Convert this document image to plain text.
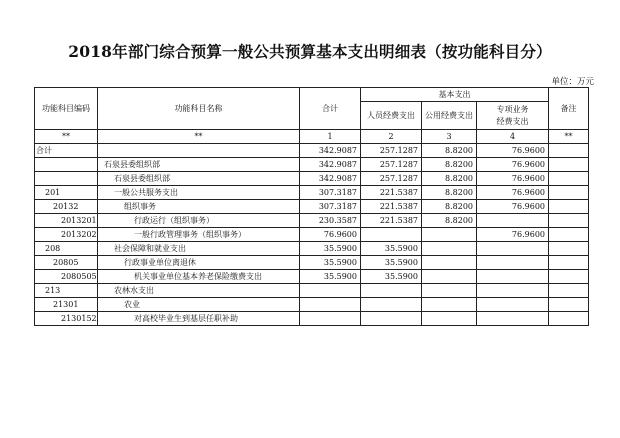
2018年部门综合预算一般公共预算基本支出明细表（按功能科目分）
单位：万元
功能科目编码	功能科目名称	合计	基本支出			备注
			人员经费支出	公用经费支出	专项业务
经费支出	

**	**	1	2	3	4	**
合计		342.9087	257.1287	8.8200	76.9600	
	石泉县委组织部	342.9087	257.1287	8.8200	76.9600	
	石泉县委组织部	342.9087	257.1287	8.8200	76.9600	
201	一般公共服务支出	307.3187	221.5387	8.8200	76.9600	
20132	组织事务	307.3187	221.5387	8.8200	76.9600	
2013201	行政运行（组织事务）	230.3587	221.5387	8.8200		
2013202	一般行政管理事务（组织事务）	76.9600			76.9600	
208	社会保障和就业支出	35.5900	35.5900			
20805	行政事业单位离退休	35.5900	35.5900			
2080505	机关事业单位基本养老保险缴费支出	35.5900	35.5900			
213	农林水支出					
21301	农业					
2130152	对高校毕业生到基层任职补助					
